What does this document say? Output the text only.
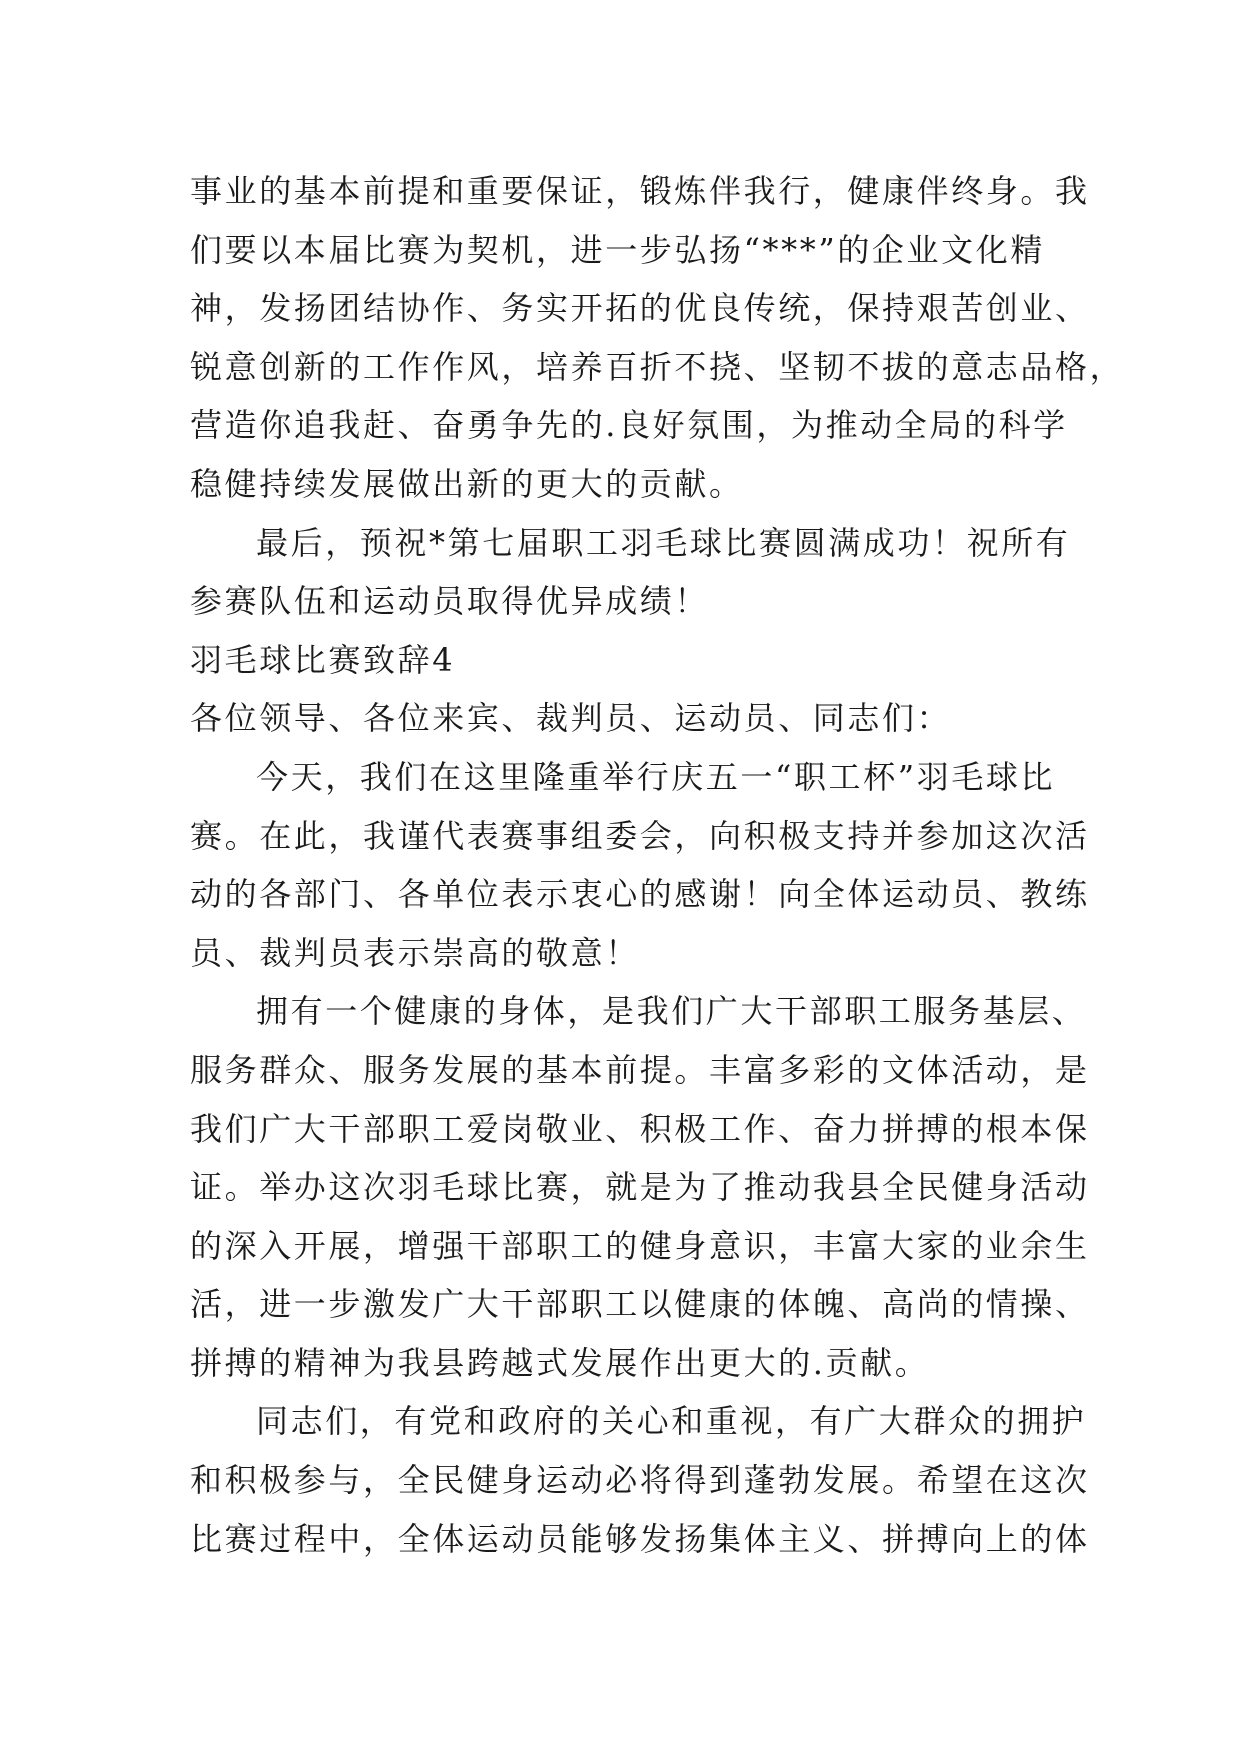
事业的基本前提和重要保证，锻炼伴我行，健康伴终身。我
们要以本届比赛为契机，进一步弘扬“***”的企业文化精
神，发扬团结协作、务实开拓的优良传统，保持艰苦创业、
锐意创新的工作作风，培养百折不挠、坚韧不拔的意志品格，
营造你追我赶、奋勇争先的.良好氛围，为推动全局的科学
稳健持续发展做出新的更大的贡献。
最后，预祝*第七届职工羽毛球比赛圆满成功！祝所有
参赛队伍和运动员取得优异成绩！
羽毛球比赛致辞4
各位领导、各位来宾、裁判员、运动员、同志们：
今天，我们在这里隆重举行庆五一“职工杯”羽毛球比
赛。在此，我谨代表赛事组委会，向积极支持并参加这次活
动的各部门、各单位表示衷心的感谢！向全体运动员、教练
员、裁判员表示崇高的敬意！
拥有一个健康的身体，是我们广大干部职工服务基层、
服务群众、服务发展的基本前提。丰富多彩的文体活动，是
我们广大干部职工爱岗敬业、积极工作、奋力拼搏的根本保
证。举办这次羽毛球比赛，就是为了推动我县全民健身活动
的深入开展，增强干部职工的健身意识，丰富大家的业余生
活，进一步激发广大干部职工以健康的体魄、高尚的情操、
拼搏的精神为我县跨越式发展作出更大的.贡献。
同志们，有党和政府的关心和重视，有广大群众的拥护
和积极参与，全民健身运动必将得到蓬勃发展。希望在这次
比赛过程中，全体运动员能够发扬集体主义、拼搏向上的体
